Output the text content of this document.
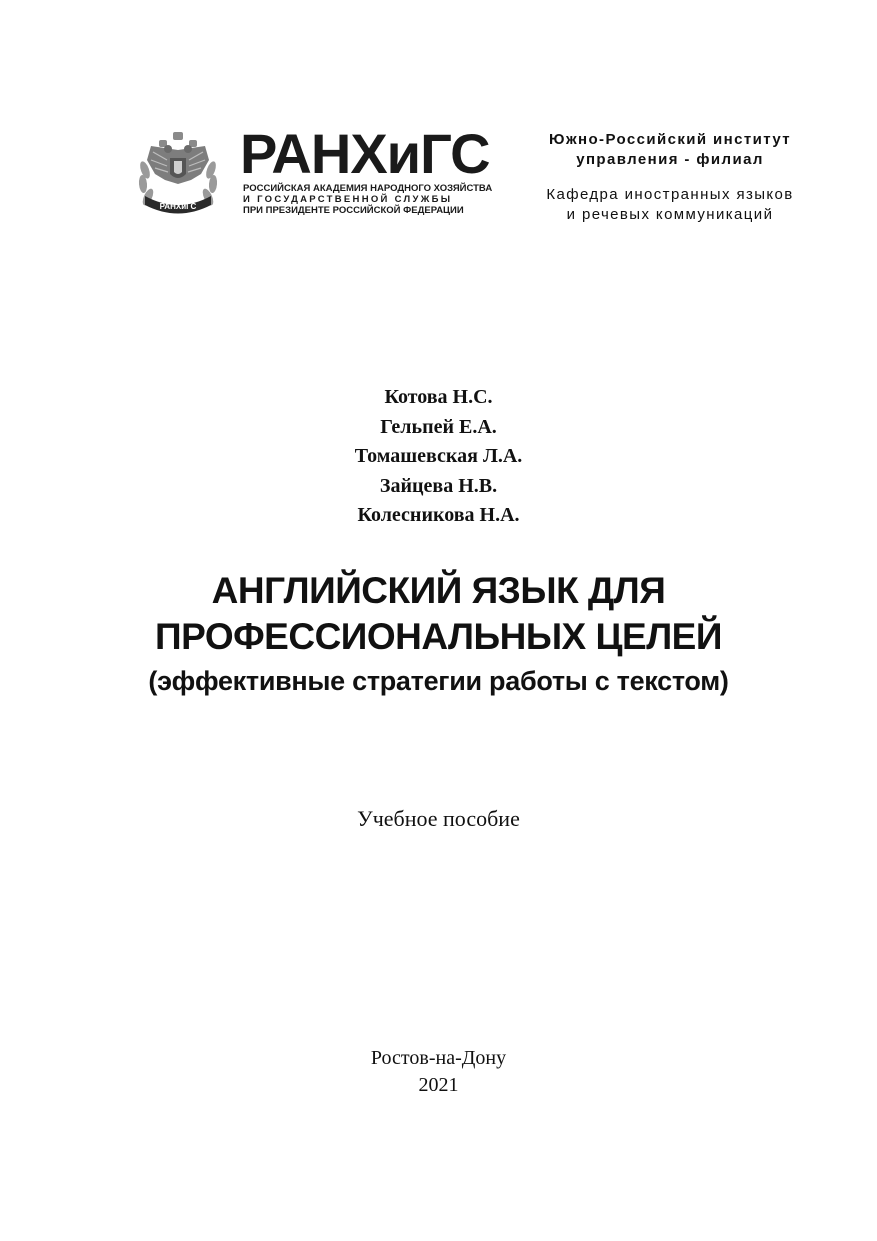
РАНХиГС
РАНХиГС
РОССИЙСКАЯ АКАДЕМИЯ НАРОДНОГО ХОЗЯЙСТВА
И ГОСУДАРСТВЕННОЙ СЛУЖБЫ
ПРИ ПРЕЗИДЕНТЕ РОССИЙСКОЙ ФЕДЕРАЦИИ
Южно-Российский институт
управления - филиал
Кафедра иностранных языков
и речевых коммуникаций
Котова Н.С.
Гельпей Е.А.
Томашевская Л.А.
Зайцева Н.В.
Колесникова Н.А.
АНГЛИЙСКИЙ ЯЗЫК ДЛЯ
ПРОФЕССИОНАЛЬНЫХ ЦЕЛЕЙ
(эффективные стратегии работы с текстом)
Учебное пособие
Ростов-на-Дону
2021
